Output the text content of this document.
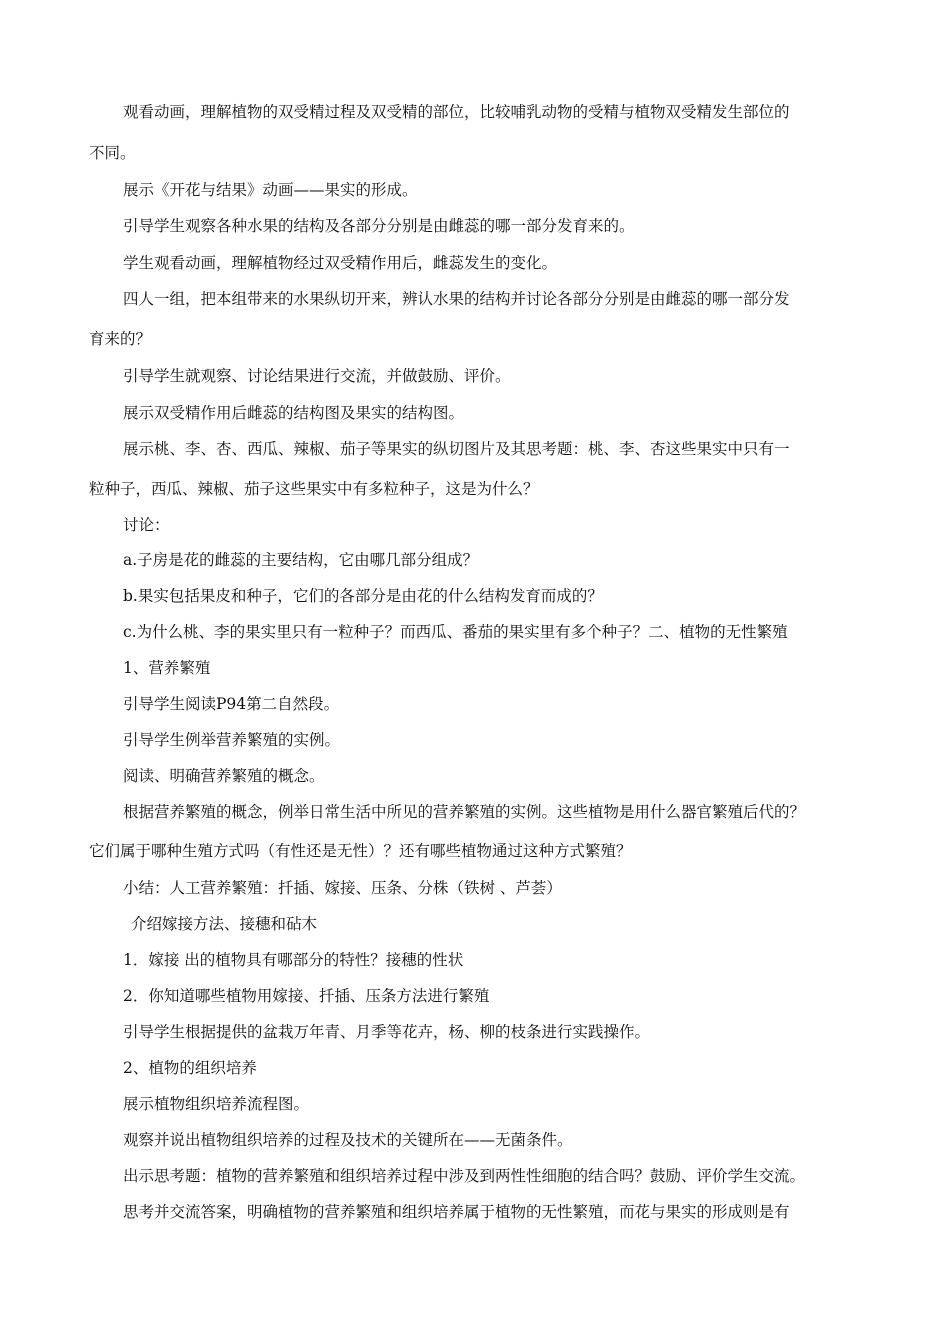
观看动画，理解植物的双受精过程及双受精的部位，比较哺乳动物的受精与植物双受精发生部位的
不同。
展示《开花与结果》动画——果实的形成。
引导学生观察各种水果的结构及各部分分别是由雌蕊的哪一部分发育来的。
学生观看动画，理解植物经过双受精作用后，雌蕊发生的变化。
四人一组，把本组带来的水果纵切开来，辨认水果的结构并讨论各部分分别是由雌蕊的哪一部分发
育来的？
引导学生就观察、讨论结果进行交流，并做鼓励、评价。
展示双受精作用后雌蕊的结构图及果实的结构图。
展示桃、李、杏、西瓜、辣椒、茄子等果实的纵切图片及其思考题：桃、李、杏这些果实中只有一
粒种子，西瓜、辣椒、茄子这些果实中有多粒种子，这是为什么？
讨论：
a.子房是花的雌蕊的主要结构，它由哪几部分组成？
b.果实包括果皮和种子，它们的各部分是由花的什么结构发育而成的？
c.为什么桃、李的果实里只有一粒种子？而西瓜、番茄的果实里有多个种子？二、植物的无性繁殖
1、营养繁殖
引导学生阅读P94第二自然段。
引导学生例举营养繁殖的实例。
阅读、明确营养繁殖的概念。
根据营养繁殖的概念，例举日常生活中所见的营养繁殖的实例。这些植物是用什么器官繁殖后代的？
它们属于哪种生殖方式吗（有性还是无性）？还有哪些植物通过这种方式繁殖？
小结：人工营养繁殖：扦插、嫁接、压条、分株（铁树 、芦荟）
介绍嫁接方法、接穗和砧木
1．嫁接 出的植物具有哪部分的特性？接穗的性状
2．你知道哪些植物用嫁接、扦插、压条方法进行繁殖
引导学生根据提供的盆栽万年青、月季等花卉，杨、柳的枝条进行实践操作。
2、植物的组织培养
展示植物组织培养流程图。
观察并说出植物组织培养的过程及技术的关键所在——无菌条件。
出示思考题：植物的营养繁殖和组织培养过程中涉及到两性性细胞的结合吗？鼓励、评价学生交流。
思考并交流答案，明确植物的营养繁殖和组织培养属于植物的无性繁殖，而花与果实的形成则是有
